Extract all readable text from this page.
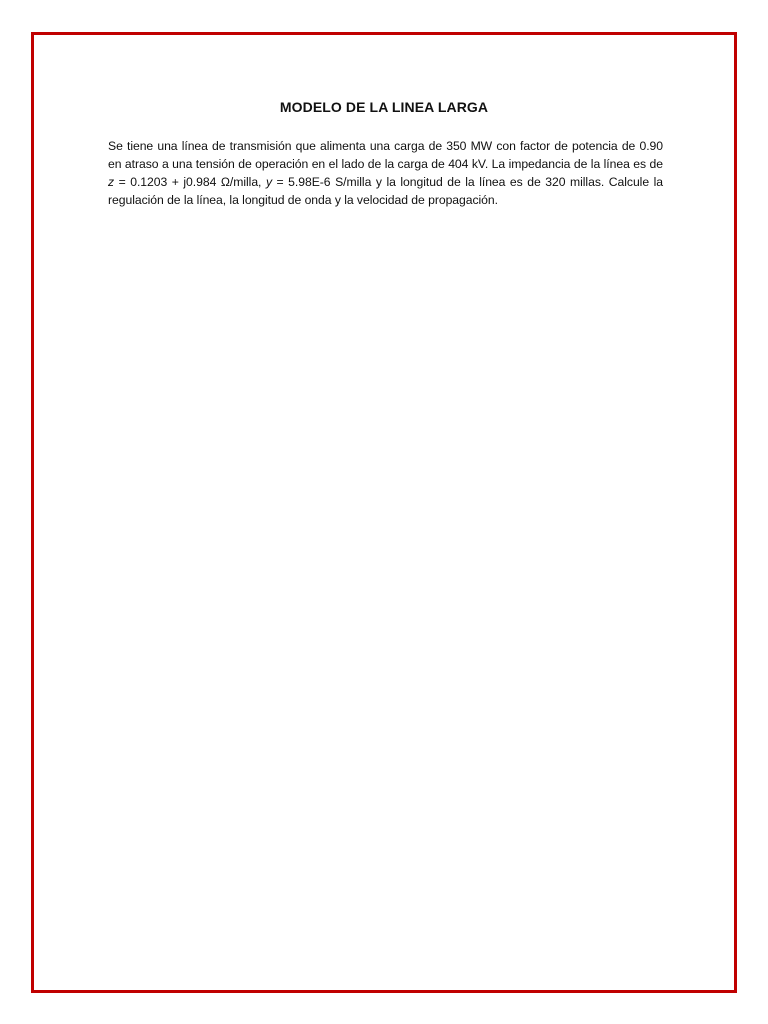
MODELO DE LA LINEA LARGA

Se tiene una línea de transmisión que alimenta una carga de 350 MW con factor de potencia de 0.90 en atraso a una tensión de operación en el lado de la carga de 404 kV. La impedancia de la línea es de z = 0.1203 + j0.984 Ω/milla, y = 5.98E-6 S/milla y la longitud de la línea es de 320 millas. Calcule la regulación de la línea, la longitud de onda y la velocidad de propagación.
